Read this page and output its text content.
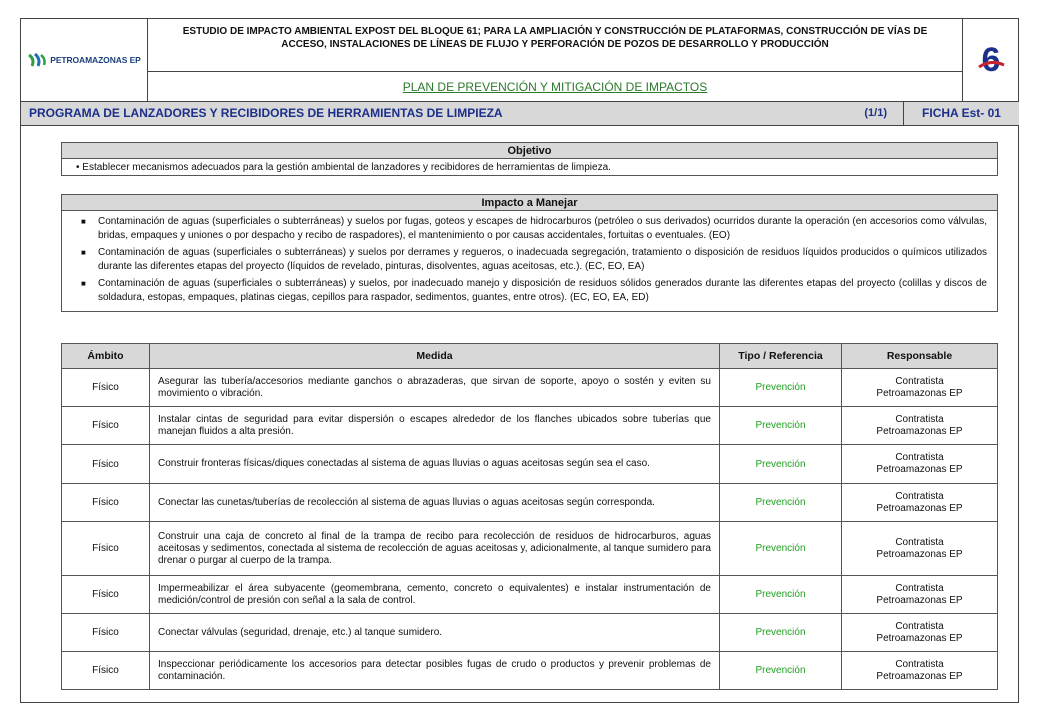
PETROAMAZONAS EP
ESTUDIO DE IMPACTO AMBIENTAL EXPOST DEL BLOQUE 61; PARA LA AMPLIACIÓN Y CONSTRUCCIÓN DE PLATAFORMAS, CONSTRUCCIÓN DE VÍAS DE ACCESO, INSTALACIONES DE LÍNEAS DE FLUJO Y PERFORACIÓN DE POZOS DE DESARROLLO Y PRODUCCIÓN
PLAN DE PREVENCIÓN Y MITIGACIÓN DE IMPACTOS
6
PROGRAMA DE LANZADORES Y RECIBIDORES DE HERRAMIENTAS DE LIMPIEZA	(1/1)	FICHA Est- 01
Objetivo
• Establecer mecanismos adecuados para la gestión ambiental de lanzadores y recibidores de herramientas de limpieza.
Impacto a Manejar
■ Contaminación de aguas (superficiales o subterráneas) y suelos por fugas, goteos y escapes de hidrocarburos (petróleo o sus derivados) ocurridos durante la operación (en accesorios como válvulas, bridas, empaques y uniones o por despacho y recibo de raspadores), el mantenimiento o por causas accidentales, fortuitas o eventuales. (EO)
■ Contaminación de aguas (superficiales o subterráneas) y suelos por derrames y regueros, o inadecuada segregación, tratamiento o disposición de residuos líquidos producidos o químicos utilizados durante las diferentes etapas del proyecto (líquidos de revelado, pinturas, disolventes, aguas aceitosas, etc.). (EC, EO, EA)
■ Contaminación de aguas (superficiales o subterráneas) y suelos, por inadecuado manejo y disposición de residuos sólidos generados durante las diferentes etapas del proyecto (colillas y discos de soldadura, estopas, empaques, platinas ciegas, cepillos para raspador, sedimentos, guantes, entre otros). (EC, EO, EA, ED)
Ámbito	Medida	Tipo / Referencia	Responsable
Físico	Asegurar las tubería/accesorios mediante ganchos o abrazaderas, que sirvan de soporte, apoyo o sostén y eviten su movimiento o vibración.	Prevención	Contratista
Petroamazonas EP
Físico	Instalar cintas de seguridad para evitar dispersión o escapes alrededor de los flanches ubicados sobre tuberías que manejan fluidos a alta presión.	Prevención	Contratista
Petroamazonas EP
Físico	Construir fronteras físicas/diques conectadas al sistema de aguas lluvias o aguas aceitosas según sea el caso.	Prevención	Contratista
Petroamazonas EP
Físico	Conectar las cunetas/tuberías de recolección al sistema de aguas lluvias o aguas aceitosas según corresponda.	Prevención	Contratista
Petroamazonas EP
Físico	Construir una caja de concreto al final de la trampa de recibo para recolección de residuos de hidrocarburos, aguas aceitosas y sedimentos, conectada al sistema de recolección de aguas aceitosas y, adicionalmente, al tanque sumidero para drenar o purgar al cuerpo de la trampa.	Prevención	Contratista
Petroamazonas EP
Físico	Impermeabilizar el área subyacente (geomembrana, cemento, concreto o equivalentes) e instalar instrumentación de medición/control de presión con señal a la sala de control.	Prevención	Contratista
Petroamazonas EP
Físico	Conectar válvulas (seguridad, drenaje, etc.) al tanque sumidero.	Prevención	Contratista
Petroamazonas EP
Físico	Inspeccionar periódicamente los accesorios para detectar posibles fugas de crudo o productos y prevenir problemas de contaminación.	Prevención	Contratista
Petroamazonas EP
